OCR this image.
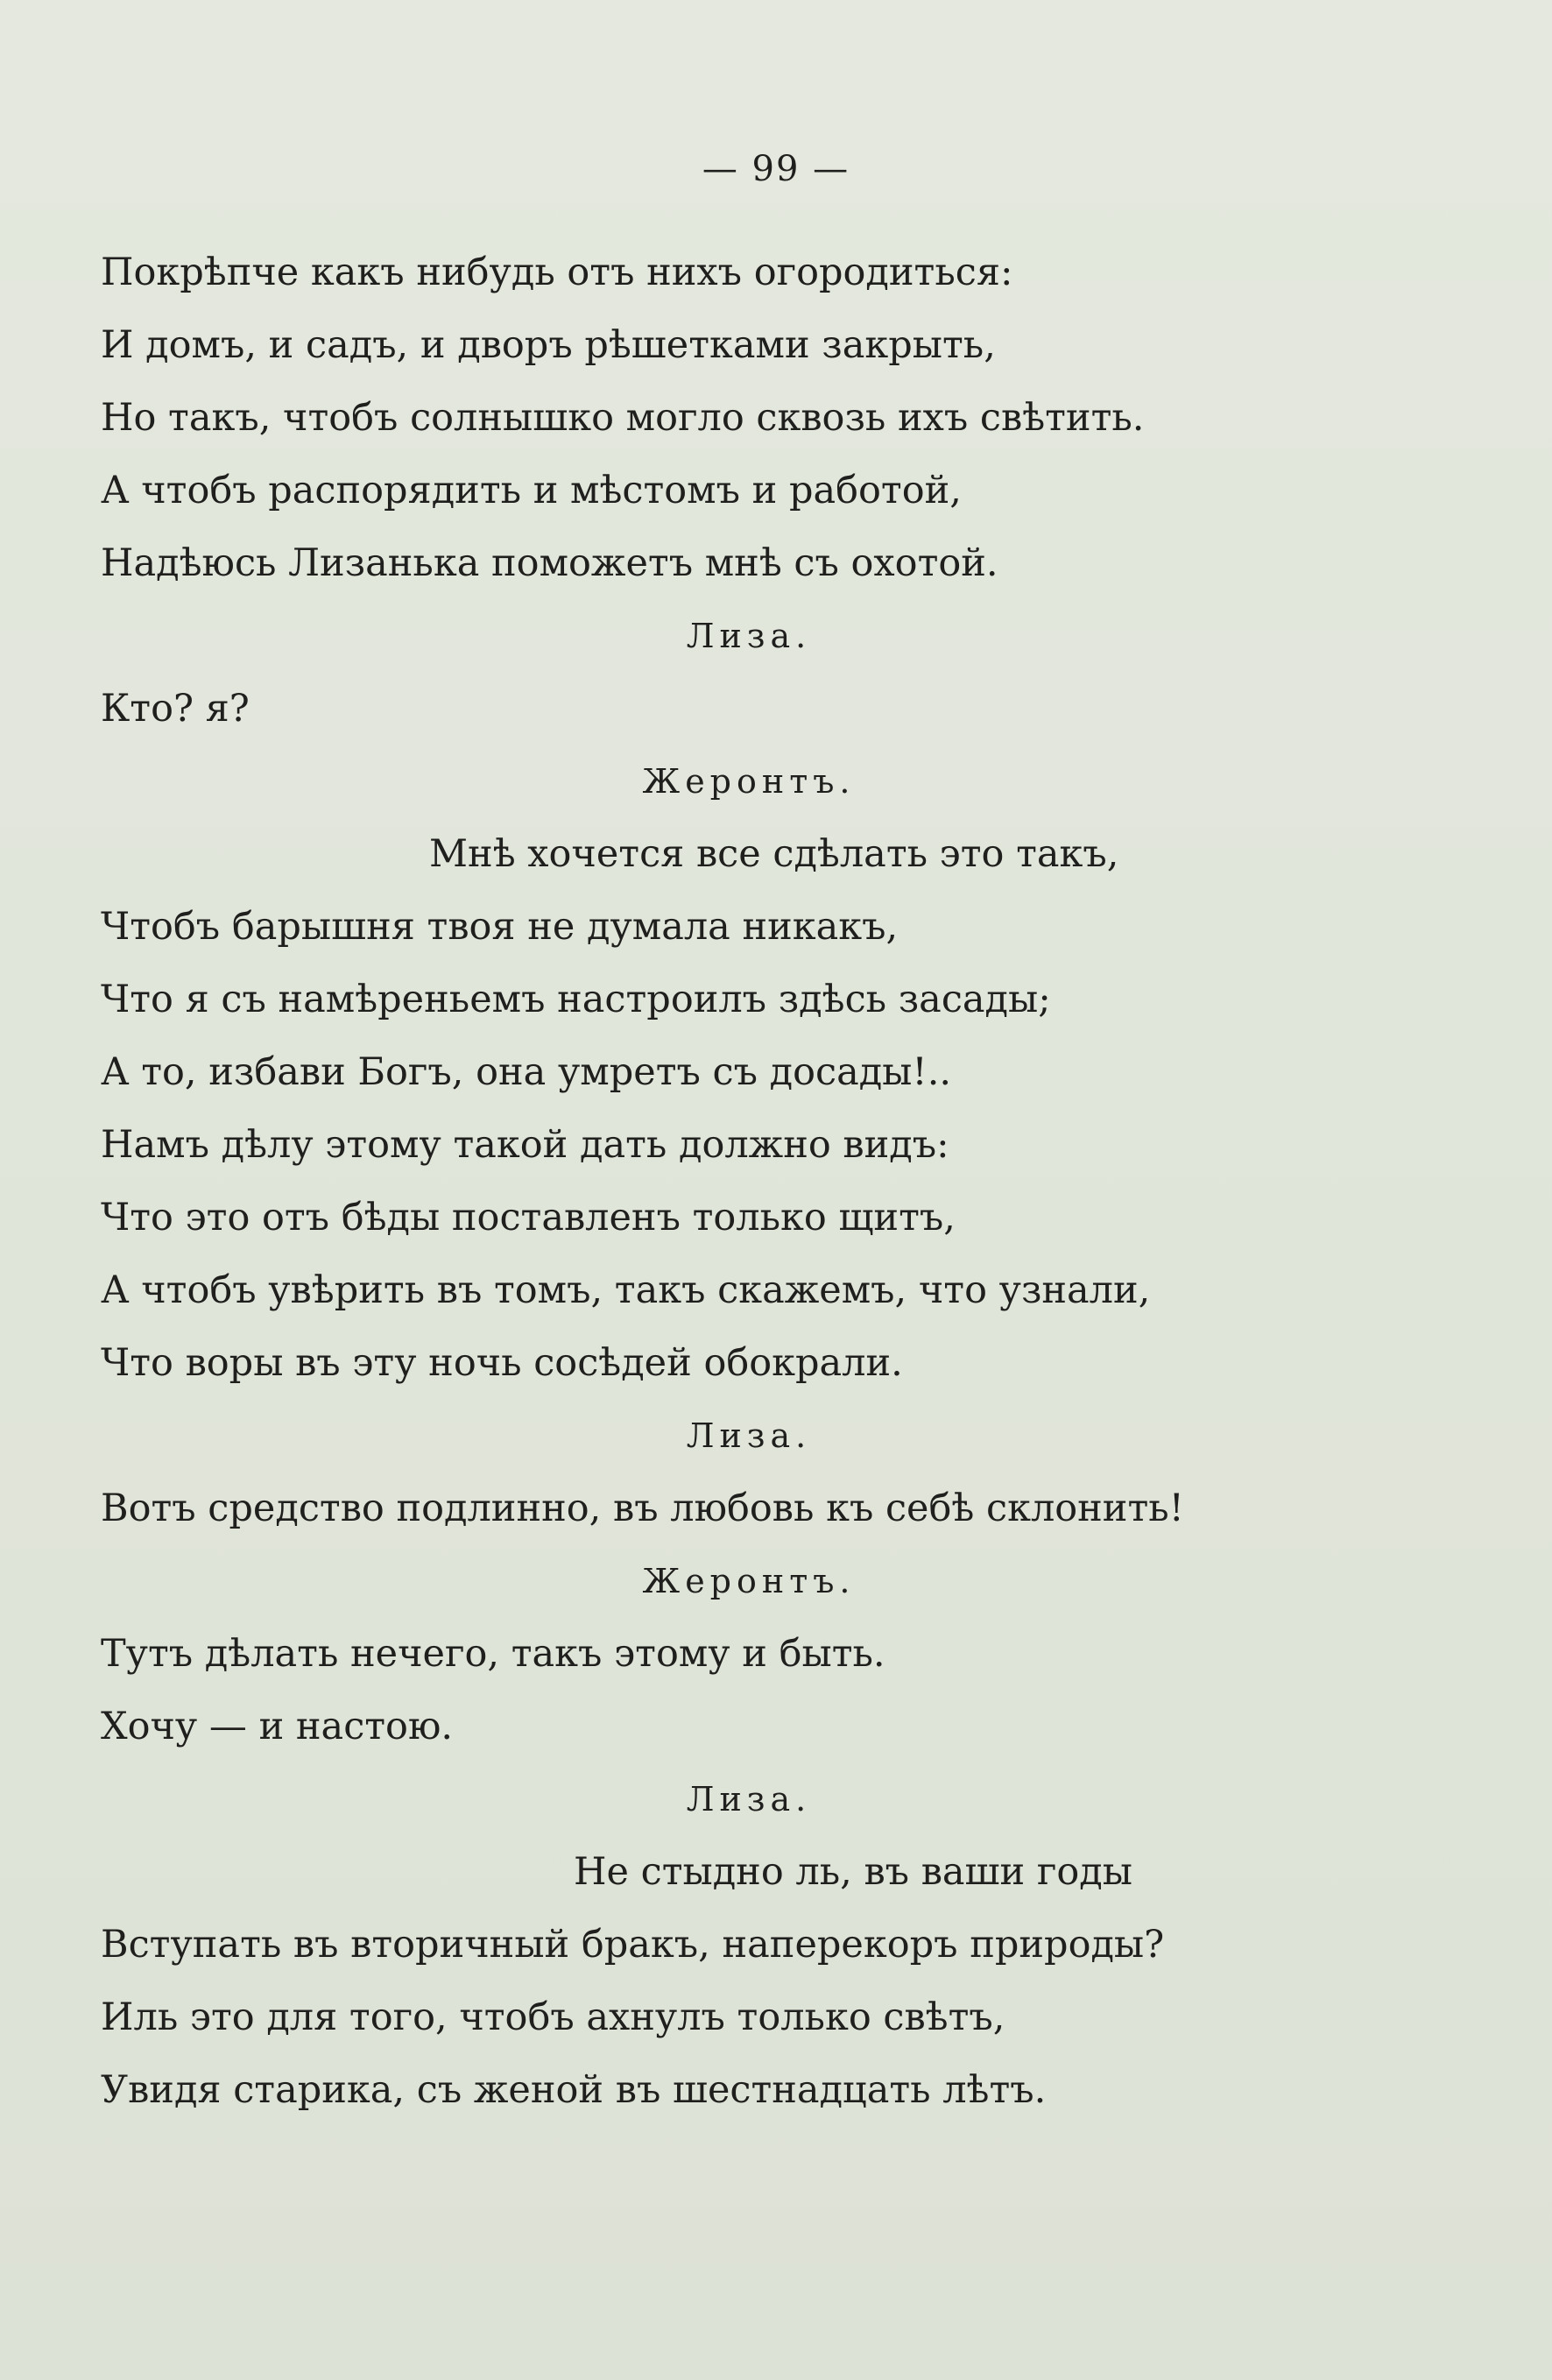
— 99 —
Покрѣпче какъ нибудь отъ нихъ огородиться:
И домъ, и садъ, и дворъ рѣшетками закрыть,
Но такъ, чтобъ солнышко могло сквозь ихъ свѣтить.
А чтобъ распорядить и мѣстомъ и работой,
Надѣюсь Лизанька поможетъ мнѣ съ охотой.
Лиза.
Кто? я?
Жеронтъ.
Мнѣ хочется все сдѣлать это такъ,
Чтобъ барышня твоя не думала никакъ,
Что я съ намѣреньемъ настроилъ здѣсь засады;
А то, избави Богъ, она умретъ съ досады!..
Намъ дѣлу этому такой дать должно видъ:
Что это отъ бѣды поставленъ только щитъ,
А чтобъ увѣрить въ томъ, такъ скажемъ, что узнали,
Что воры въ эту ночь сосѣдей обокрали.
Лиза.
Вотъ средство подлинно, въ любовь къ себѣ склонить!
Жеронтъ.
Тутъ дѣлать нечего, такъ этому и быть.
Хочу — и настою.
Лиза.
Не стыдно ль, въ ваши годы
Вступать въ вторичный бракъ, наперекоръ природы?
Иль это для того, чтобъ ахнулъ только свѣтъ,
Увидя старика, съ женой въ шестнадцать лѣтъ.
